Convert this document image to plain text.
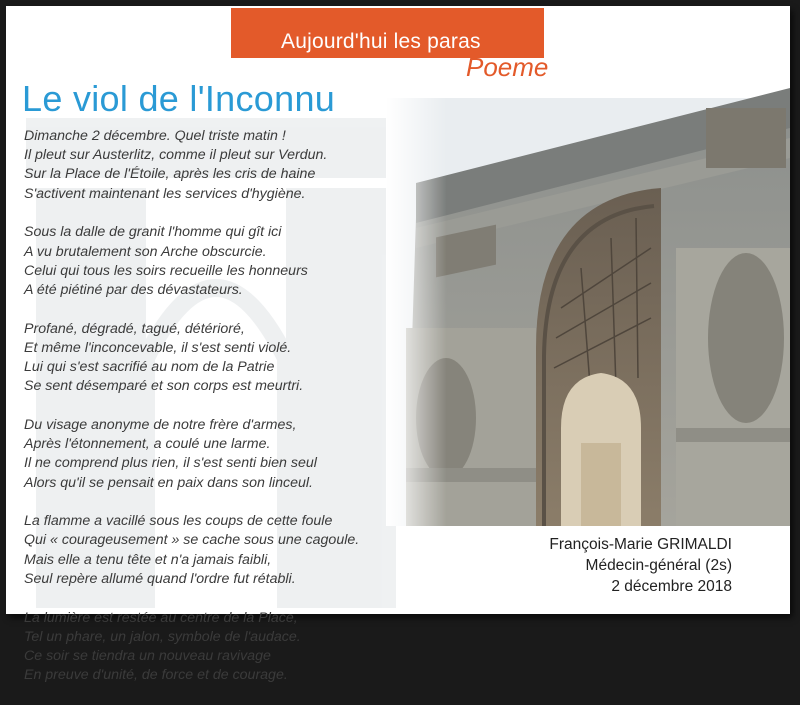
Aujourd'hui les paras
Poeme
Le viol de l'Inconnu
Dimanche 2 décembre. Quel triste matin !
Il pleut sur Austerlitz, comme il pleut sur Verdun.
Sur la Place de l'Étoile, après les cris de haine
S'activent maintenant les services d'hygiène.
Sous la dalle de granit l'homme qui gît ici
A vu brutalement son Arche obscurcie.
Celui qui tous les soirs recueille les honneurs
A été piétiné par des dévastateurs.
Profané, dégradé, tagué, détérioré,
Et même l'inconcevable, il s'est senti violé.
Lui qui s'est sacrifié au nom de la Patrie
Se sent désemparé et son corps est meurtri.
Du visage anonyme de notre frère d'armes,
Après l'étonnement, a coulé une larme.
Il ne comprend plus rien, il s'est senti bien seul
Alors qu'il se pensait en paix dans son linceul.
La flamme a vacillé sous les coups de cette foule
Qui « courageusement » se cache sous une cagoule.
Mais elle a tenu tête et n'a jamais faibli,
Seul repère allumé quand l'ordre fut rétabli.
La lumière est restée au centre de la Place,
Tel un phare, un jalon, symbole de l'audace.
Ce soir se tiendra un nouveau ravivage
En preuve d'unité, de force et de courage.
François-Marie GRIMALDI
Médecin-général (2s)
2 décembre 2018
